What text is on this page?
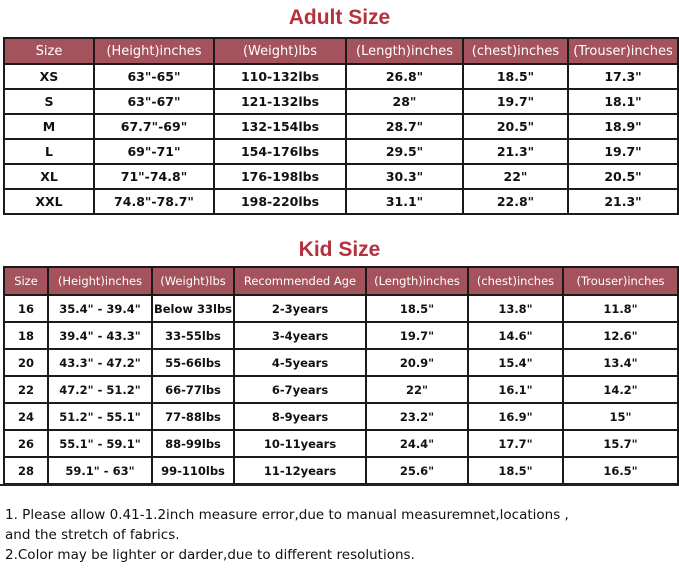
Adult Size
Size	(Height)inches	(Weight)lbs	(Length)inches	(chest)inches	(Trouser)inches
XS	63"-65"	110-132lbs	26.8"	18.5"	17.3"
S	63"-67"	121-132lbs	28"	19.7"	18.1"
M	67.7"-69"	132-154lbs	28.7"	20.5"	18.9"
L	69"-71"	154-176lbs	29.5"	21.3"	19.7"
XL	71"-74.8"	176-198lbs	30.3"	22"	20.5"
XXL	74.8"-78.7"	198-220lbs	31.1"	22.8"	21.3"
Kid Size
Size	(Height)inches	(Weight)lbs	Recommended Age	(Length)inches	(chest)inches	(Trouser)inches
16	35.4" - 39.4"	Below 33lbs	2-3years	18.5"	13.8"	11.8"
18	39.4" - 43.3"	33-55lbs	3-4years	19.7"	14.6"	12.6"
20	43.3" - 47.2"	55-66lbs	4-5years	20.9"	15.4"	13.4"
22	47.2" - 51.2"	66-77lbs	6-7years	22"	16.1"	14.2"
24	51.2" - 55.1"	77-88lbs	8-9years	23.2"	16.9"	15"
26	55.1" - 59.1"	88-99lbs	10-11years	24.4"	17.7"	15.7"
28	59.1" - 63"	99-110lbs	11-12years	25.6"	18.5"	16.5"

1. Please allow 0.41-1.2inch measure error,due to manual measuremnet,locations ,

and the stretch of fabrics.

2.Color may be lighter or darder,due to different resolutions.
